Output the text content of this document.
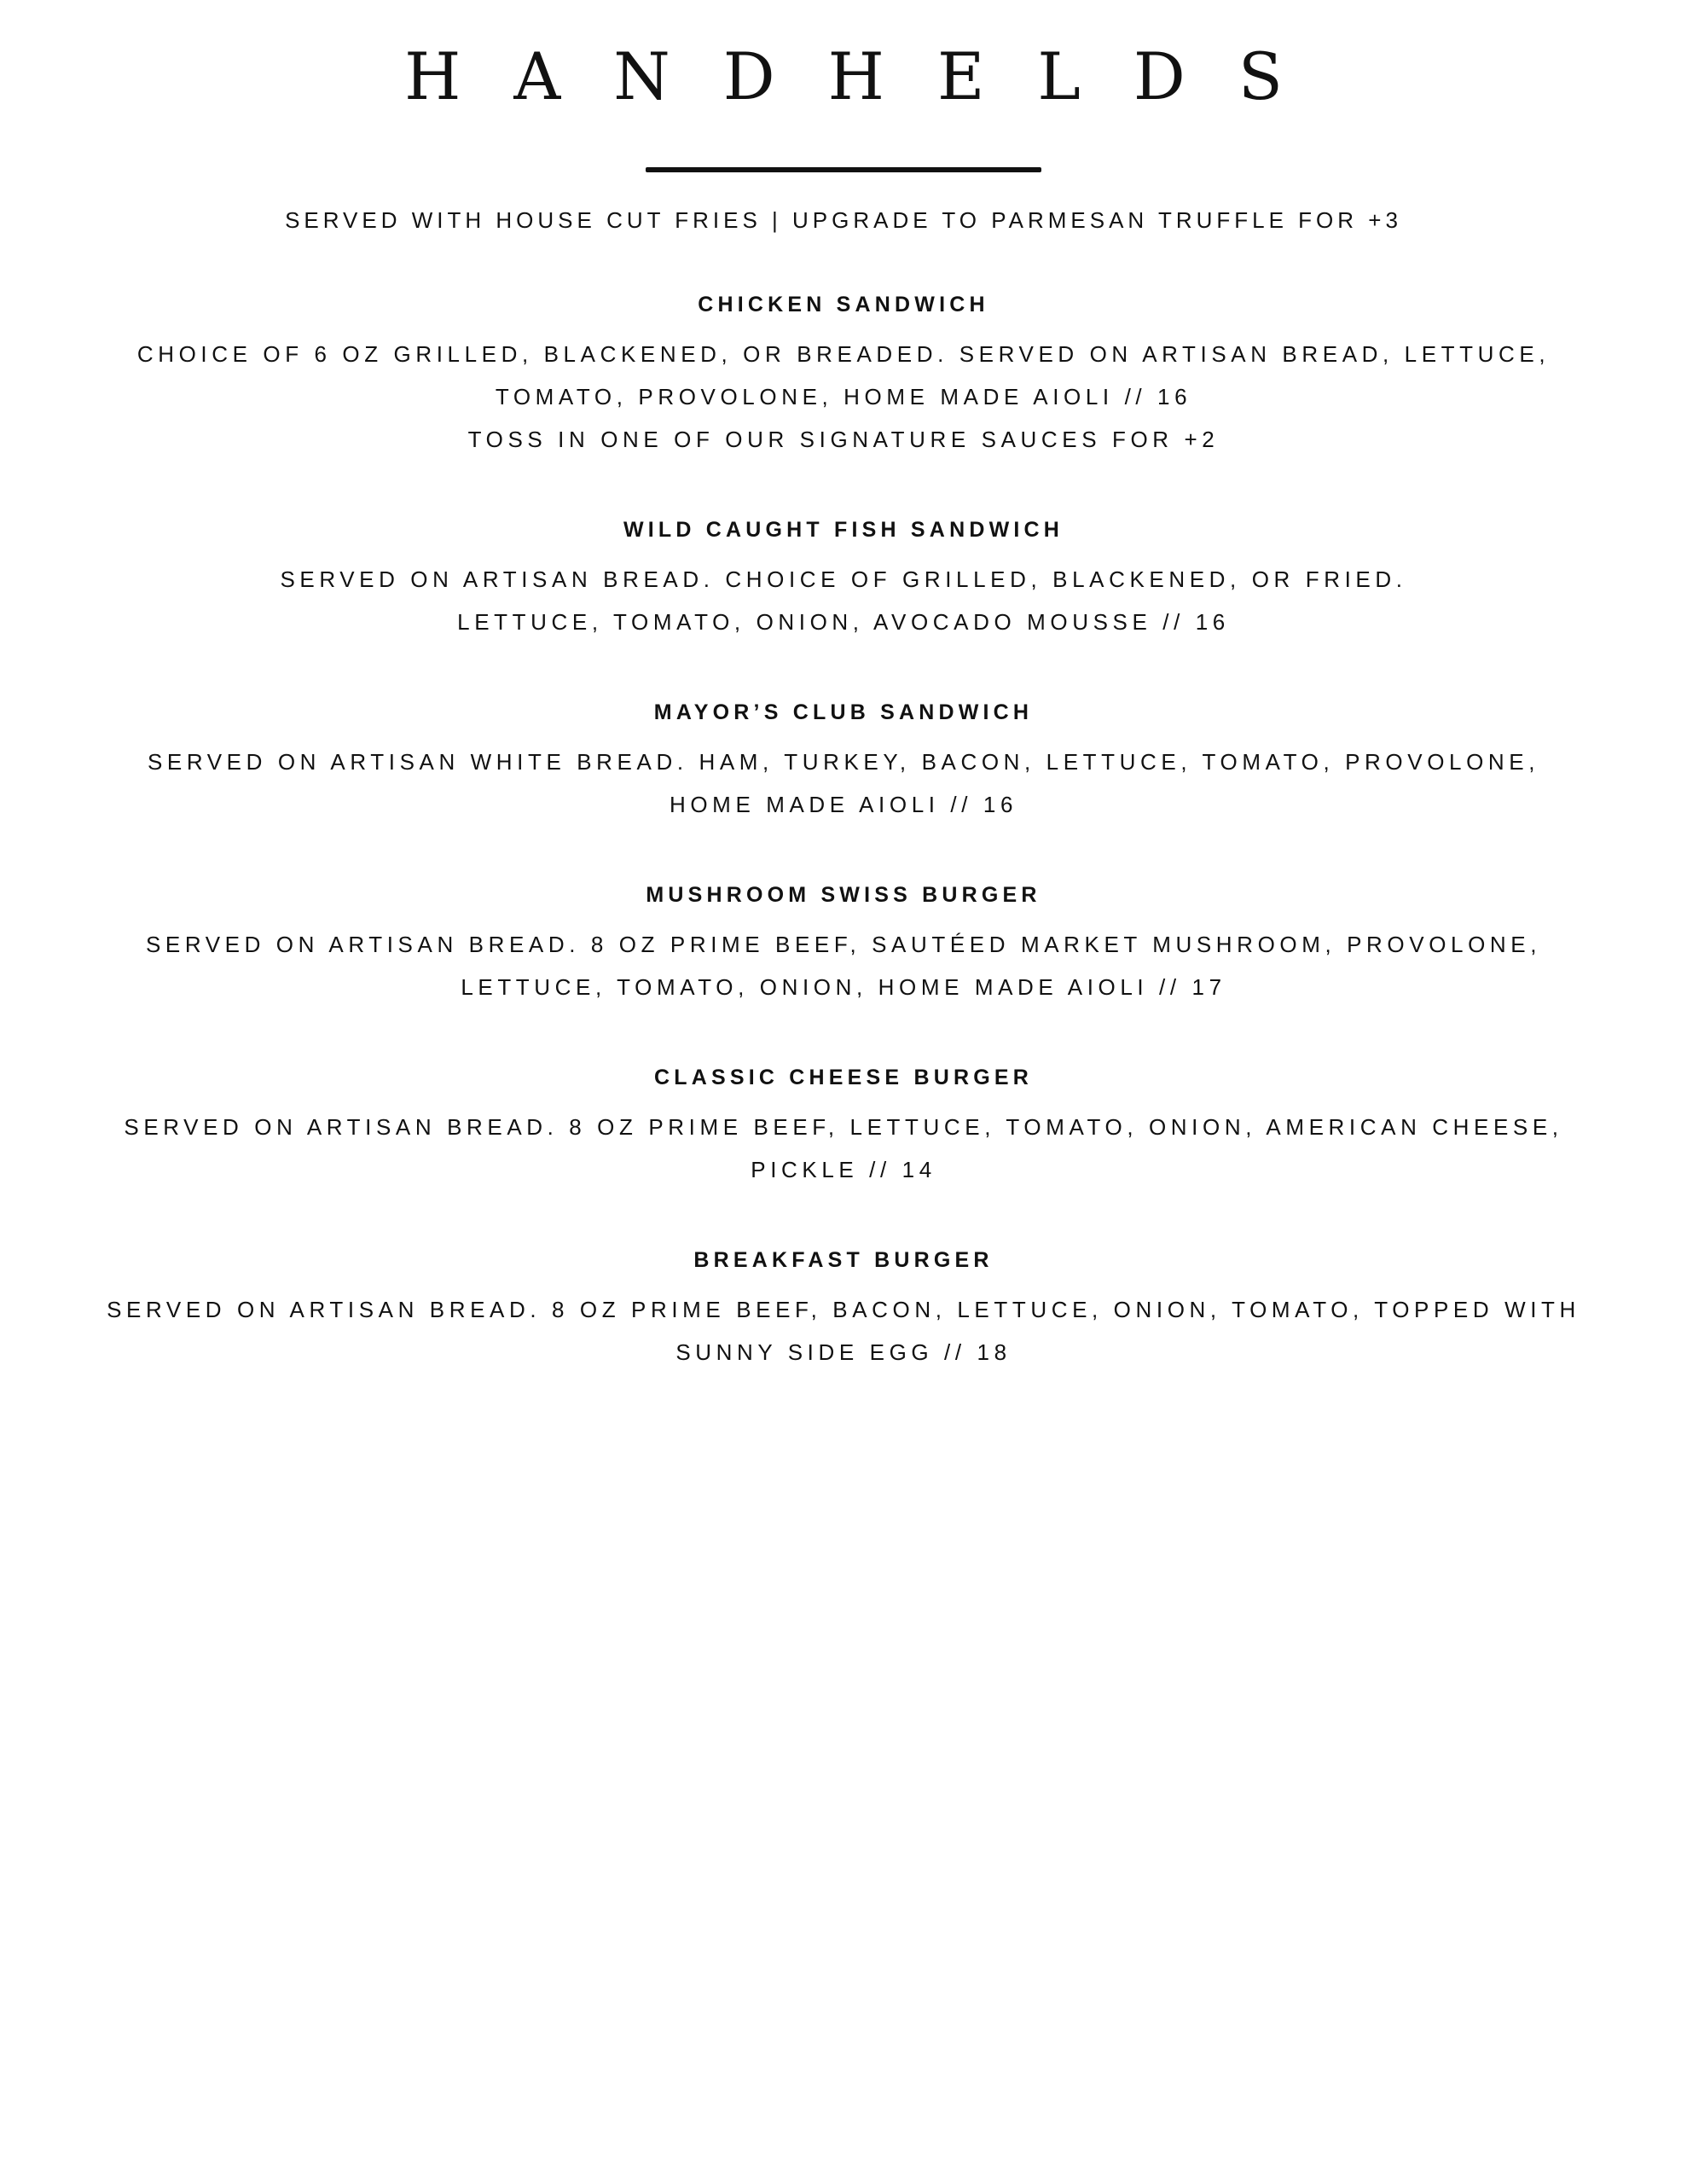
HANDHELDS

SERVED WITH HOUSE CUT FRIES | UPGRADE TO PARMESAN TRUFFLE FOR +3

CHICKEN SANDWICH

CHOICE OF 6 OZ GRILLED, BLACKENED, OR BREADED. SERVED ON ARTISAN BREAD, LETTUCE,

TOMATO, PROVOLONE, HOME MADE AIOLI // 16

TOSS IN ONE OF OUR SIGNATURE SAUCES FOR +2

WILD CAUGHT FISH SANDWICH

SERVED ON ARTISAN BREAD. CHOICE OF GRILLED, BLACKENED, OR FRIED.

LETTUCE, TOMATO, ONION, AVOCADO MOUSSE // 16

MAYOR’S CLUB SANDWICH

SERVED ON ARTISAN WHITE BREAD. HAM, TURKEY, BACON, LETTUCE, TOMATO, PROVOLONE,

HOME MADE AIOLI // 16

MUSHROOM SWISS BURGER

SERVED ON ARTISAN BREAD. 8 OZ PRIME BEEF, SAUTÉED MARKET MUSHROOM, PROVOLONE,

LETTUCE, TOMATO, ONION, HOME MADE AIOLI // 17

CLASSIC CHEESE BURGER

SERVED ON ARTISAN BREAD. 8 OZ PRIME BEEF, LETTUCE, TOMATO, ONION, AMERICAN CHEESE,

PICKLE // 14

BREAKFAST BURGER

SERVED ON ARTISAN BREAD. 8 OZ PRIME BEEF, BACON, LETTUCE, ONION, TOMATO, TOPPED WITH

SUNNY SIDE EGG // 18
